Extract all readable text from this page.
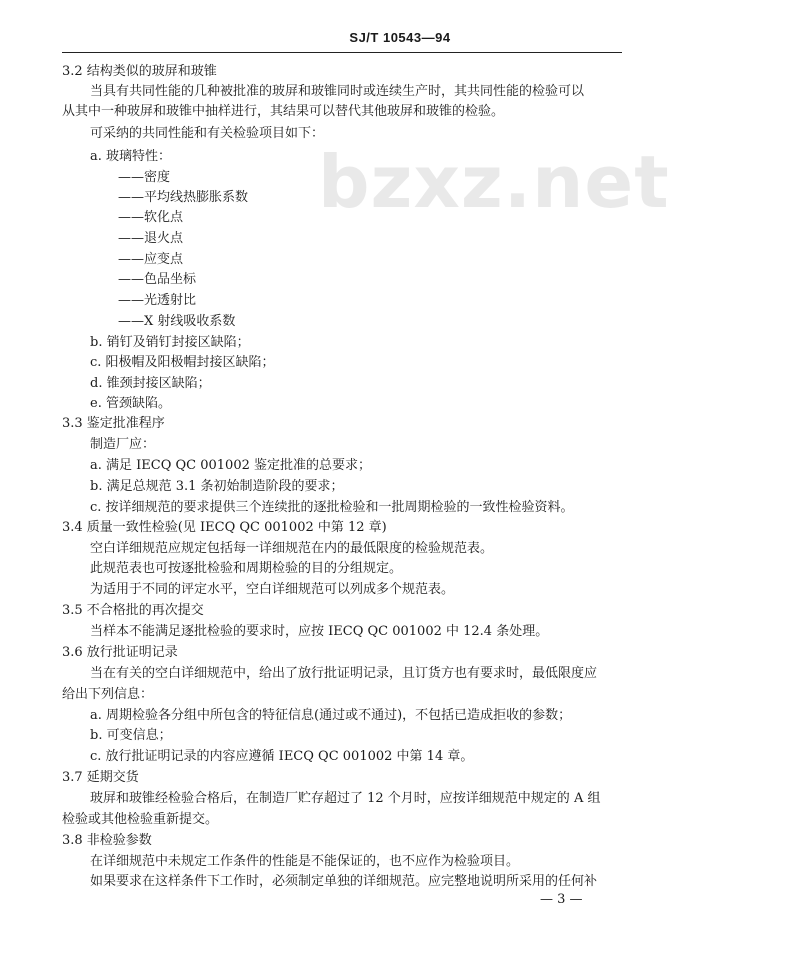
bzxz.net
SJ/T 10543—94
3.2 结构类似的玻屏和玻锥
当具有共同性能的几种被批准的玻屏和玻锥同时或连续生产时，其共同性能的检验可以
从其中一种玻屏和玻锥中抽样进行，其结果可以替代其他玻屏和玻锥的检验。
可采纳的共同性能和有关检验项目如下：
a. 玻璃特性：
——密度
——平均线热膨胀系数
——软化点
——退火点
——应变点
——色品坐标
——光透射比
——X 射线吸收系数
b. 销钉及销钉封接区缺陷；
c. 阳极帽及阳极帽封接区缺陷；
d. 锥颈封接区缺陷；
e. 管颈缺陷。
3.3 鉴定批准程序
制造厂应：
a. 满足 IECQ QC 001002 鉴定批准的总要求；
b. 满足总规范 3.1 条初始制造阶段的要求；
c. 按详细规范的要求提供三个连续批的逐批检验和一批周期检验的一致性检验资料。
3.4 质量一致性检验(见 IECQ QC 001002 中第 12 章)
空白详细规范应规定包括每一详细规范在内的最低限度的检验规范表。
此规范表也可按逐批检验和周期检验的目的分组规定。
为适用于不同的评定水平，空白详细规范可以列成多个规范表。
3.5 不合格批的再次提交
当样本不能满足逐批检验的要求时，应按 IECQ QC 001002 中 12.4 条处理。
3.6 放行批证明记录
当在有关的空白详细规范中，给出了放行批证明记录，且订货方也有要求时，最低限度应
给出下列信息：
a. 周期检验各分组中所包含的特征信息(通过或不通过)，不包括已造成拒收的参数；
b. 可变信息；
c. 放行批证明记录的内容应遵循 IECQ QC 001002 中第 14 章。
3.7 延期交货
玻屏和玻锥经检验合格后，在制造厂贮存超过了 12 个月时，应按详细规范中规定的 A 组
检验或其他检验重新提交。
3.8 非检验参数
在详细规范中未规定工作条件的性能是不能保证的，也不应作为检验项目。
如果要求在这样条件下工作时，必须制定单独的详细规范。应完整地说明所采用的任何补
— 3 —
